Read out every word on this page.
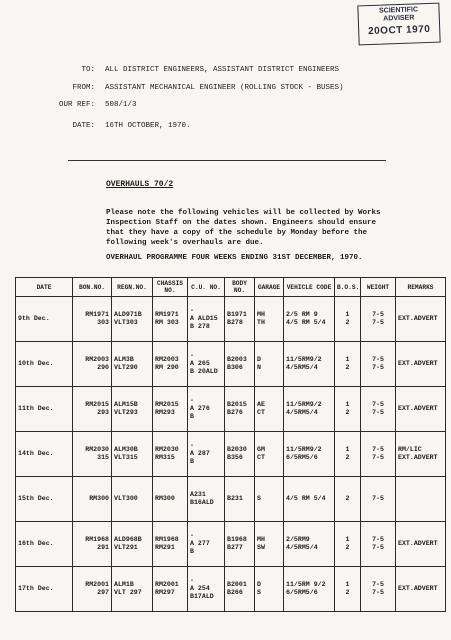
SCIENTIFIC
ADVISER
20OCT 1970
TO: ALL DISTRICT ENGINEERS, ASSISTANT DISTRICT ENGINEERS
FROM: ASSISTANT MECHANICAL ENGINEER (ROLLING STOCK - BUSES)
OUR REF: 508/1/3
DATE: 16TH OCTOBER, 1970.
OVERHAULS 70/2
Please note the following vehicles will be collected by Works Inspection Staff on the dates shown. Engineers should ensure that they have a copy of the schedule by Monday before the following week's overhauls are due.
OVERHAUL PROGRAMME FOUR WEEKS ENDING 31ST DECEMBER, 1970.
DATE	BON.NO.	REGN.NO.	CHASSIS NO.	C.U. NO.	BODY NO.	GARAGE	VEHICLE CODE	B.O.S.	WEIGHT	REMARKS
9th Dec.	RM1971
303	ALD971B
VLT303	RM1971
RM 303	-
A ALD15
B 278	B1971
B278	MH
TH	2/5 RM 9
4/5 RM 5/4	1
2	7-5
7-5	EXT.ADVERT

10th Dec.	RM2003
290	ALM3B
VLT290	RM2003
RM 290	-
A 265
B 20ALD	B2003
B306	D
N	11/5RM9/2
4/5RM5/4	1
2	7-5
7-5	EXT.ADVERT

11th Dec.	RM2015
293	ALM15B
VLT293	RM2015
RM293	-
A 276
B	B2015
B276	AE
CT	11/5RM9/2
4/5RM5/4	1
2	7-5
7-5	EXT.ADVERT

14th Dec.	RM2030
315	ALM30B
VLT315	RM2030
RM315	-
A 287
B	B2030
B356	GM
CT	11/5RM9/2
6/5RM5/6	1
2	7-5
7-5	RM/LIC
EXT.ADVERT

15th Dec.	RM300	VLT300	RM300	A231
B16ALD	B231	S	4/5 RM 5/4	2	7-5	

16th Dec.	RM1968
291	ALD968B
VLT291	RM1968
RM291	-
A 277
B	B1968
B277	MH
SW	2/5RM9
4/5RM5/4	1
2	7-5
7-5	EXT.ADVERT

17th Dec.	RM2001
297	ALM1B
VLT 297	RM2001
RM297	-
A 254
B17ALD	B2001
B266	D
S	11/5RM 9/2
6/5RM5/6	1
2	7-5
7-5	EXT.ADVERT
